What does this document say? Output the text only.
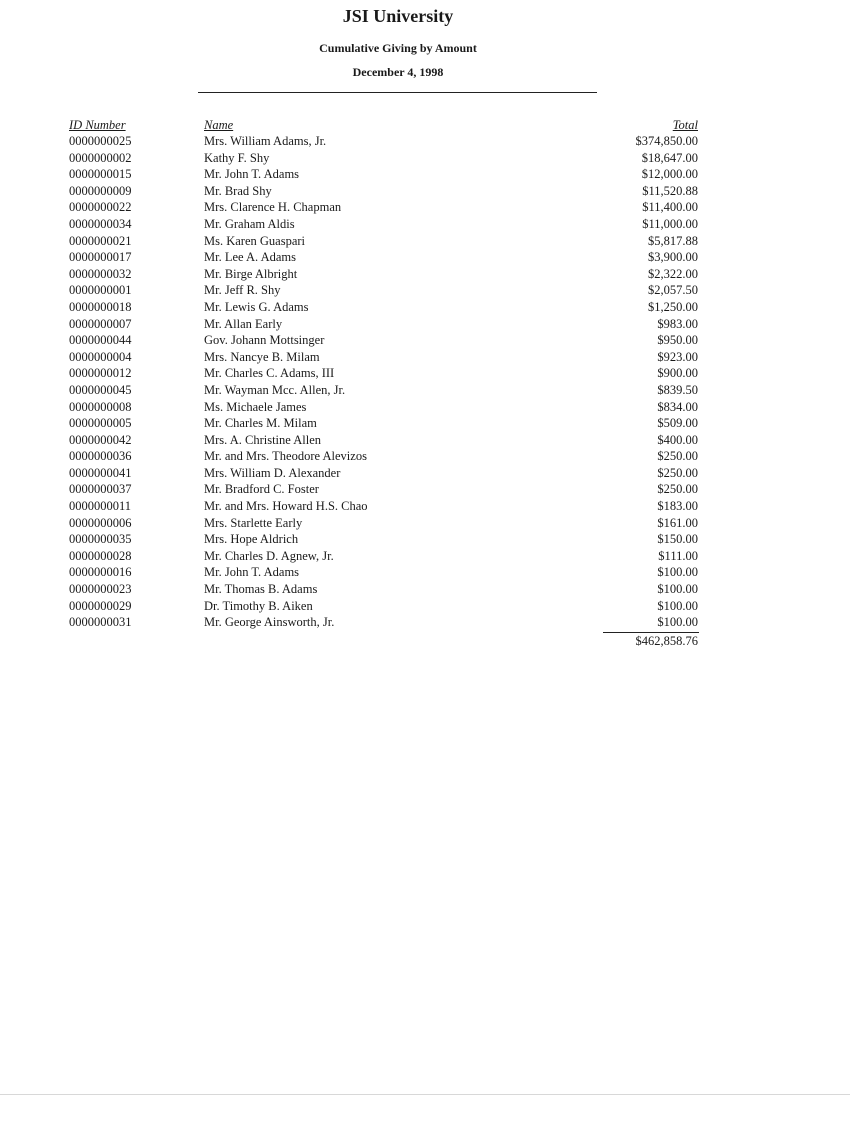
JSI University
Cumulative Giving by Amount
December 4, 1998
ID Number	Name	Total
0000000025	Mrs. William Adams, Jr.	$374,850.00
0000000002	Kathy F. Shy	$18,647.00
0000000015	Mr. John T. Adams	$12,000.00
0000000009	Mr. Brad Shy	$11,520.88
0000000022	Mrs. Clarence H. Chapman	$11,400.00
0000000034	Mr. Graham Aldis	$11,000.00
0000000021	Ms. Karen Guaspari	$5,817.88
0000000017	Mr. Lee A. Adams	$3,900.00
0000000032	Mr. Birge Albright	$2,322.00
0000000001	Mr. Jeff R. Shy	$2,057.50
0000000018	Mr. Lewis G. Adams	$1,250.00
0000000007	Mr. Allan Early	$983.00
0000000044	Gov. Johann Mottsinger	$950.00
0000000004	Mrs. Nancye B. Milam	$923.00
0000000012	Mr. Charles C. Adams, III	$900.00
0000000045	Mr. Wayman Mcc. Allen, Jr.	$839.50
0000000008	Ms. Michaele James	$834.00
0000000005	Mr. Charles M. Milam	$509.00
0000000042	Mrs. A. Christine Allen	$400.00
0000000036	Mr. and Mrs. Theodore Alevizos	$250.00
0000000041	Mrs. William D. Alexander	$250.00
0000000037	Mr. Bradford C. Foster	$250.00
0000000011	Mr. and Mrs. Howard H.S. Chao	$183.00
0000000006	Mrs. Starlette Early	$161.00
0000000035	Mrs. Hope Aldrich	$150.00
0000000028	Mr. Charles D. Agnew, Jr.	$111.00
0000000016	Mr. John T. Adams	$100.00
0000000023	Mr. Thomas B. Adams	$100.00
0000000029	Dr. Timothy B. Aiken	$100.00
0000000031	Mr. George Ainsworth, Jr.	$100.00
$462,858.76
